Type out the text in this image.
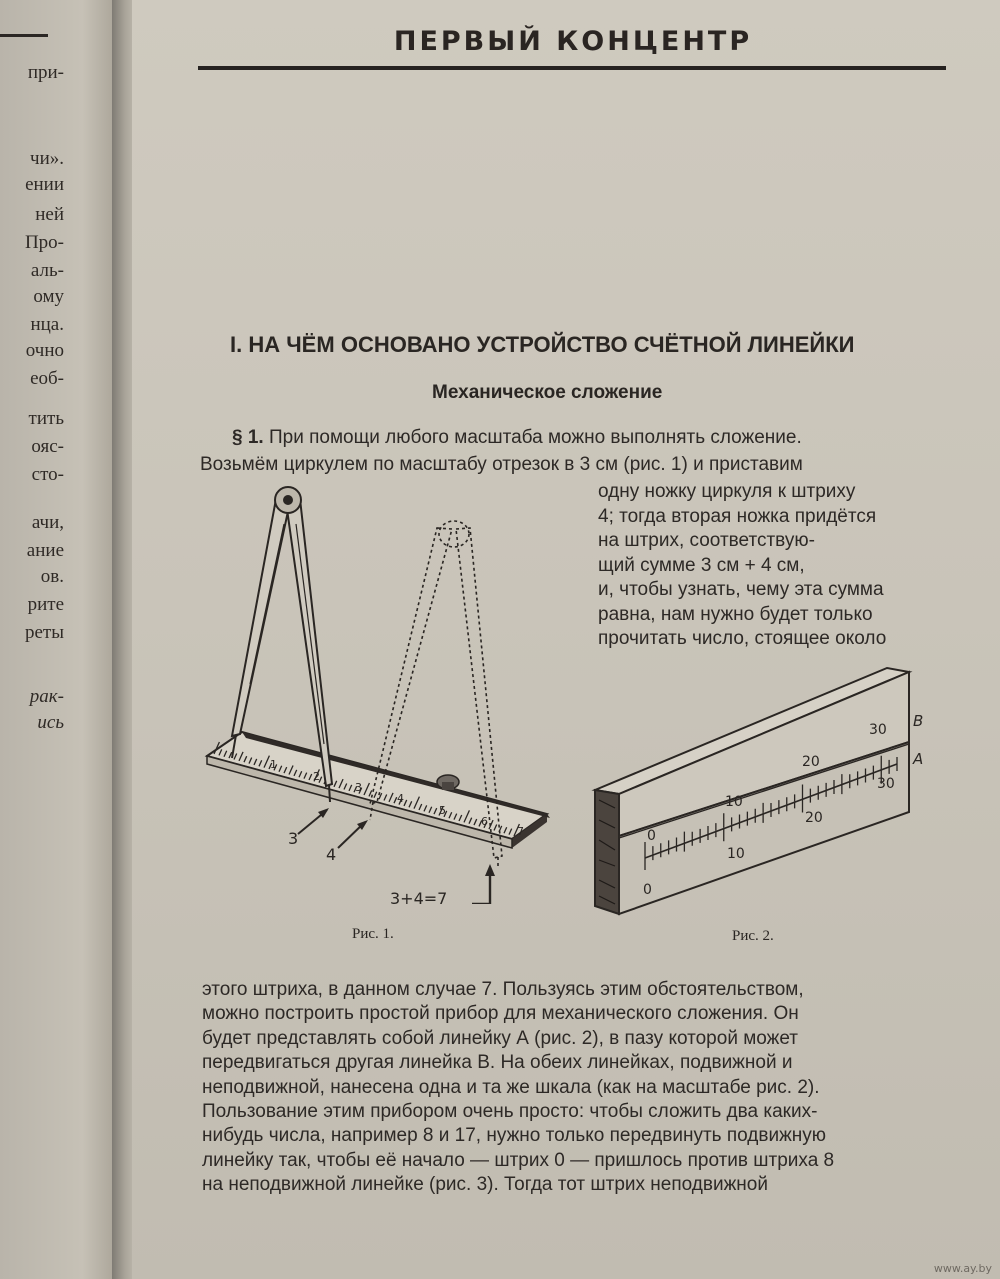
при-
чи».
ении
ней
Про-
аль-
ому
нца.
очно
еоб-
тить
ояс-
сто-
ачи,
ание
ов.
рите
реты
рак-
ись
ПЕРВЫЙ КОНЦЕНТР
I. НА ЧЁМ ОСНОВАНО УСТРОЙСТВО СЧЁТНОЙ ЛИНЕЙКИ
Механическое сложение
§ 1. При помощи любого масштаба можно выполнять сложение.
Возьмём циркулем по масштабу отрезок в 3 см (рис. 1) и приставим
одну ножку циркуля к штриху
4; тогда вторая ножка придётся
на штрих, соответствую-
щий сумме 3 см + 4 см,
и, чтобы узнать, чему эта сумма
равна, нам нужно будет только
прочитать число, стоящее около
1
2
3
4
5
6
7
3
4
3+4=7
Рис. 1.
0
10
20
30
0
10
20
30
В
А
Рис. 2.
этого штриха, в данном случае 7. Пользуясь этим обстоятельством,
можно построить простой прибор для механического сложения. Он
будет представлять собой линейку А (рис. 2), в пазу которой может
передвигаться другая линейка В. На обеих линейках, подвижной и
неподвижной, нанесена одна и та же шкала (как на масштабе рис. 2).
Пользование этим прибором очень просто: чтобы сложить два каких-
нибудь числа, например 8 и 17, нужно только передвинуть подвижную
линейку так, чтобы её начало — штрих 0 — пришлось против штриха 8
на неподвижной линейке (рис. 3). Тогда тот штрих неподвижной
www.ay.by
